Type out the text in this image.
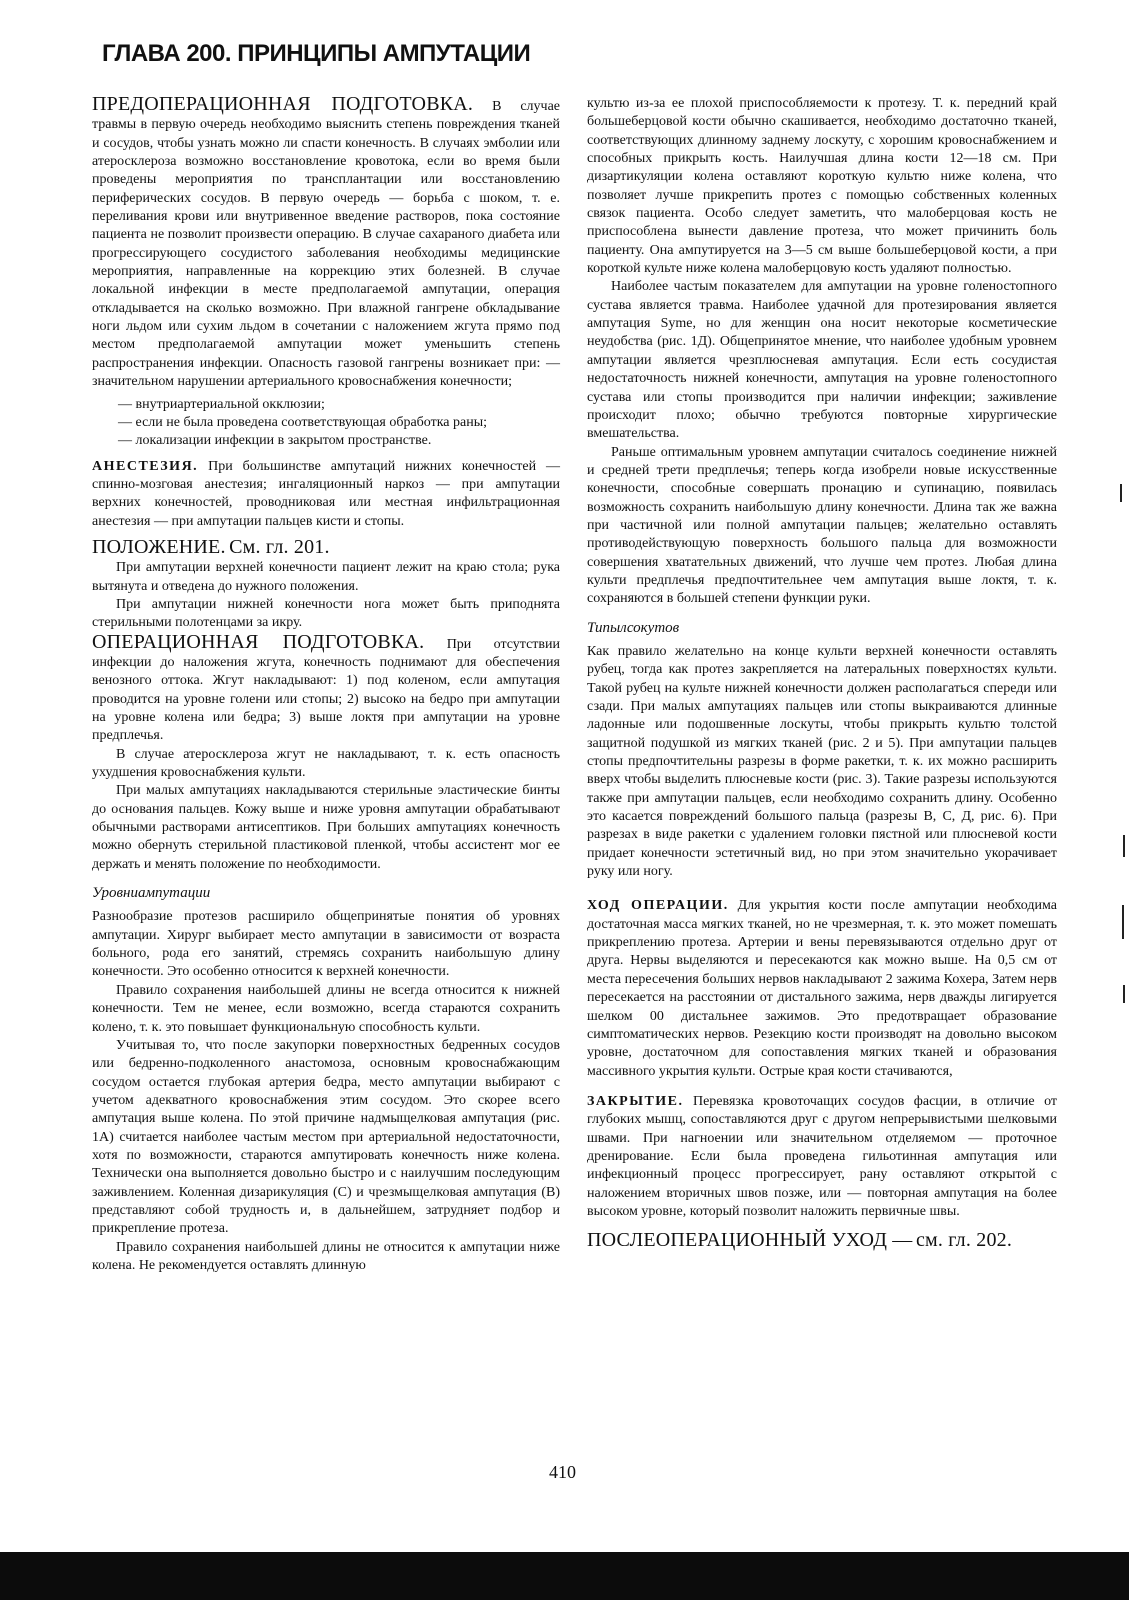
ГЛАВА 200. ПРИНЦИПЫ АМПУТАЦИИ

ПРЕДОПЕРАЦИОННАЯ ПОДГОТОВКА. В случае травмы в первую очередь необходимо выяснить степень повреждения тканей и сосудов, чтобы узнать можно ли спасти конечность. В случаях эмболии или атеросклероза возможно восстановление кровотока, если во время были проведены мероприятия по трансплантации или восстановлению периферических сосудов. В первую очередь — борьба с шоком, т. е. переливания крови или внутривенное введение растворов, пока состояние пациента не позволит произвести операцию. В случае сахараного диабета или прогрессирующего сосудистого заболевания необходимы медицинские мероприятия, направленные на коррекцию этих болезней. В случае локальной инфекции в месте предполагаемой ампутации, операция откладывается на сколько возможно. При влажной гангрене обкладывание ноги льдом или сухим льдом в сочетании с наложением жгута прямо под местом предполагаемой ампутации может уменьшить степень распространения инфекции. Опасность газовой гангрены возникает при: — значительном нарушении артериального кровоснабжения конечности;

— внутриартериальной окклюзии;
— если не была проведена соответствующая обработка раны;
— локализации инфекции в закрытом пространстве.

АНЕСТЕЗИЯ. При большинстве ампутаций нижних конечностей — спинно-мозговая анестезия; ингаляционный наркоз — при ампутации верхних конечностей, проводниковая или местная инфильтрационная анестезия — при ампутации пальцев кисти и стопы.

ПОЛОЖЕНИЕ. См. гл. 201.

При ампутации верхней конечности пациент лежит на краю стола; рука вытянута и отведена до нужного положения.

При ампутации нижней конечности нога может быть приподнята стерильными полотенцами за икру.

ОПЕРАЦИОННАЯ ПОДГОТОВКА. При отсутствии инфекции до наложения жгута, конечность поднимают для обеспечения венозного оттока. Жгут накладывают: 1) под коленом, если ампутация проводится на уровне голени или стопы; 2) высоко на бедро при ампутации на уровне колена или бедра; 3) выше локтя при ампутации на уровне предплечья.

В случае атеросклероза жгут не накладывают, т. к. есть опасность ухудшения кровоснабжения культи.

При малых ампутациях накладываются стерильные эластические бинты до основания пальцев. Кожу выше и ниже уровня ампутации обрабатывают обычными растворами антисептиков. При больших ампутациях конечность можно обернуть стерильной пластиковой пленкой, чтобы ассистент мог ее держать и менять положение по необходимости.

Уровниампутации

Разнообразие протезов расширило общепринятые понятия об уровнях ампутации. Хирург выбирает место ампутации в зависимости от возраста больного, рода его занятий, стремясь сохранить наибольшую длину конечности. Это особенно относится к верхней конечности.

Правило сохранения наибольшей длины не всегда относится к нижней конечности. Тем не менее, если возможно, всегда стараются сохранить колено, т. к. это повышает функциональную способность культи.

Учитывая то, что после закупорки поверхностных бедренных сосудов или бедренно-подколенного анастомоза, основным кровоснабжающим сосудом остается глубокая артерия бедра, место ампутации выбирают с учетом адекватного кровоснабжения этим сосудом. Это скорее всего ампутация выше колена. По этой причине надмыщелковая ампутация (рис. 1А) считается наиболее частым местом при артериальной недостаточности, хотя по возможности, стараются ампутировать конечность ниже колена. Технически она выполняется довольно быстро и с наилучшим последующим заживлением. Коленная дизарикуляция (С) и чрезмыщелковая ампутация (В) представляют собой трудность и, в дальнейшем, затрудняет подбор и прикрепление протеза.

Правило сохранения наибольшей длины не относится к ампутации ниже колена. Не рекомендуется оставлять длинную

культю из-за ее плохой приспособляемости к протезу. Т. к. передний край большеберцовой кости обычно скашивается, необходимо достаточно тканей, соответствующих длинному заднему лоскуту, с хорошим кровоснабжением и способных прикрыть кость. Наилучшая длина кости 12—18 см. При дизартикуляции колена оставляют короткую культю ниже колена, что позволяет лучше прикрепить протез с помощью собственных коленных связок пациента. Особо следует заметить, что малоберцовая кость не приспособлена вынести давление протеза, что может причинить боль пациенту. Она ампутируется на 3—5 см выше большеберцовой кости, а при короткой культе ниже колена малоберцовую кость удаляют полностью.

Наиболее частым показателем для ампутации на уровне голеностопного сустава является травма. Наиболее удачной для протезирования является ампутация Syme, но для женщин она носит некоторые косметические неудобства (рис. 1Д). Общепринятое мнение, что наиболее удобным уровнем ампутации является чрезплюсневая ампутация. Если есть сосудистая недостаточность нижней конечности, ампутация на уровне голеностопного сустава или стопы производится при наличии инфекции; заживление происходит плохо; обычно требуются повторные хирургические вмешательства.

Раньше оптимальным уровнем ампутации считалось соединение нижней и средней трети предплечья; теперь когда изобрели новые искусственные конечности, способные совершать пронацию и супинацию, появилась возможность сохранить наибольшую длину конечности. Длина так же важна при частичной или полной ампутации пальцев; желательно оставлять противодействующую поверхность большого пальца для возможности совершения хватательных движений, что лучше чем протез. Любая длина культи предплечья предпочтительнее чем ампутация выше локтя, т. к. сохраняются в большей степени функции руки.

Типылсокутов

Как правило желательно на конце культи верхней конечности оставлять рубец, тогда как протез закрепляется на латеральных поверхностях культи. Такой рубец на культе нижней конечности должен располагаться спереди или сзади. При малых ампутациях пальцев или стопы выкраиваются длинные ладонные или подошвенные лоскуты, чтобы прикрыть культю толстой защитной подушкой из мягких тканей (рис. 2 и 5). При ампутации пальцев стопы предпочтительны разрезы в форме ракетки, т. к. их можно расширить вверх чтобы выделить плюсневые кости (рис. 3). Такие разрезы используются также при ампутации пальцев, если необходимо сохранить длину. Особенно это касается повреждений большого пальца (разрезы В, С, Д, рис. 6). При разрезах в виде ракетки с удалением головки пястной или плюсневой кости придает конечности эстетичный вид, но при этом значительно укорачивает руку или ногу.

ХОД ОПЕРАЦИИ. Для укрытия кости после ампутации необходима достаточная масса мягких тканей, но не чрезмерная, т. к. это может помешать прикреплению протеза. Артерии и вены перевязываются отдельно друг от друга. Нервы выделяются и пересекаются как можно выше. На 0,5 см от места пересечения больших нервов накладывают 2 зажима Кохера, Затем нерв пересекается на расстоянии от дистального зажима, нерв дважды лигируется шелком 00 дистальнее зажимов. Это предотвращает образование симптоматических нервов. Резекцию кости производят на довольно высоком уровне, достаточном для сопоставления мягких тканей и образования массивного укрытия культи. Острые края кости стачиваются,

ЗАКРЫТИЕ. Перевязка кровоточащих сосудов фасции, в отличие от глубоких мышц, сопоставляются друг с другом непрерывистыми шелковыми швами. При нагноении или значительном отделяемом — проточное дренирование. Если была проведена гильотинная ампутация или инфекционный процесс прогрессирует, рану оставляют открытой с наложением вторичных швов позже, или — повторная ампутация на более высоком уровне, который позволит наложить первичные швы.

ПОСЛЕОПЕРАЦИОННЫЙ УХОД — см. гл. 202.

410
